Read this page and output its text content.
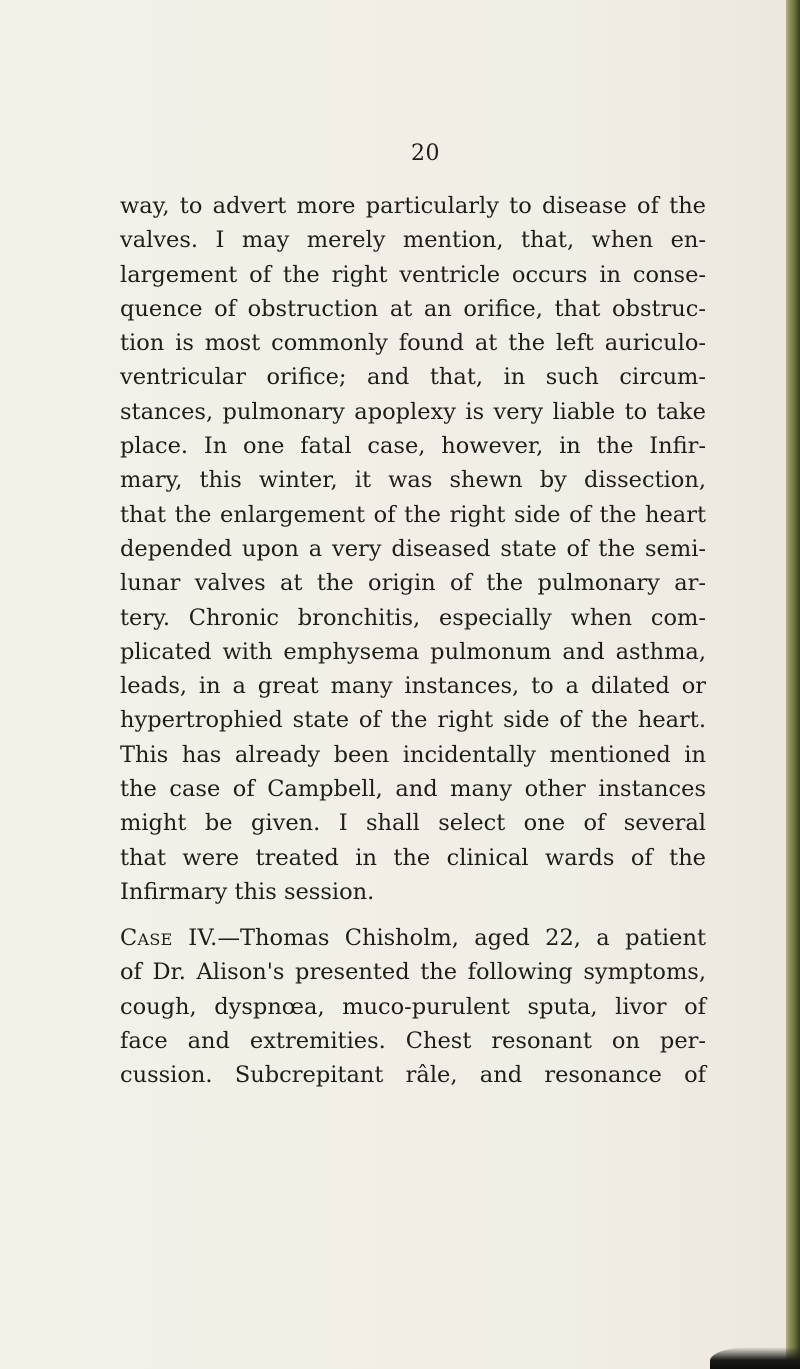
20
way, to advert more particularly to disease of the
valves. I may merely mention, that, when en-
largement of the right ventricle occurs in conse-
quence of obstruction at an orifice, that obstruc-
tion is most commonly found at the left auriculo-
ventricular orifice; and that, in such circum-
stances, pulmonary apoplexy is very liable to take
place. In one fatal case, however, in the Infir-
mary, this winter, it was shewn by dissection,
that the enlargement of the right side of the heart
depended upon a very diseased state of the semi-
lunar valves at the origin of the pulmonary ar-
tery. Chronic bronchitis, especially when com-
plicated with emphysema pulmonum and asthma,
leads, in a great many instances, to a dilated or
hypertrophied state of the right side of the heart.
This has already been incidentally mentioned in
the case of Campbell, and many other instances
might be given. I shall select one of several
that were treated in the clinical wards of the
Infirmary this session.
Case IV.—Thomas Chisholm, aged 22, a patient
of Dr. Alison's presented the following symptoms,
cough, dyspnœa, muco-purulent sputa, livor of
face and extremities. Chest resonant on per-
cussion. Subcrepitant râle, and resonance of
